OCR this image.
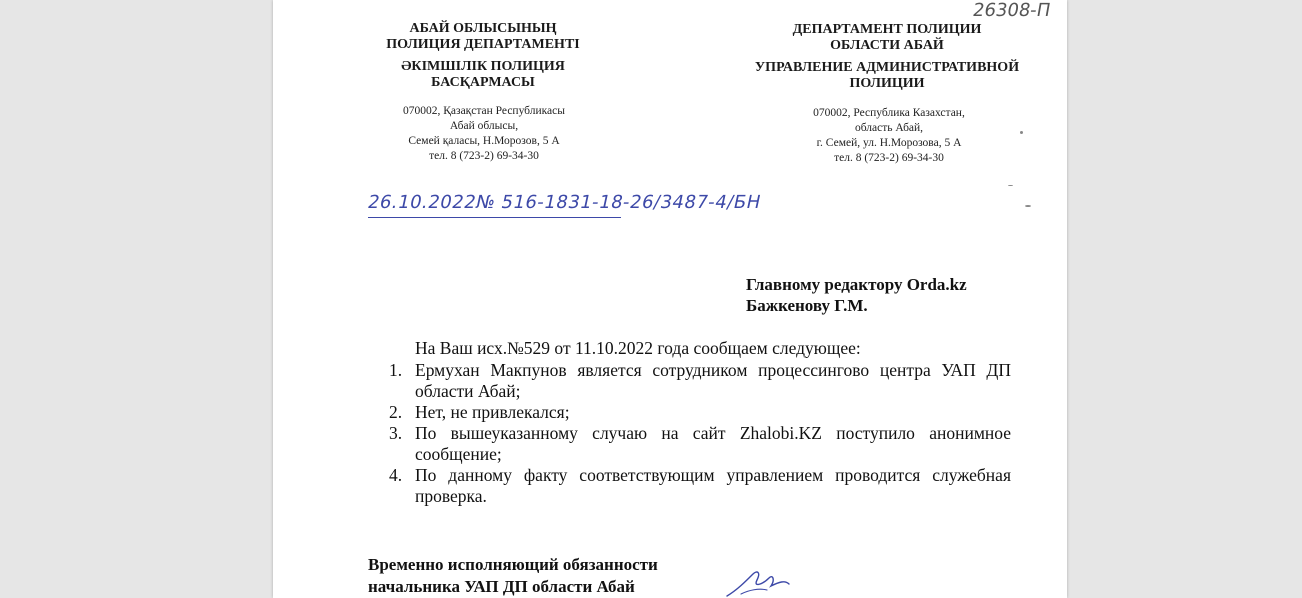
26308-П
АБАЙ ОБЛЫСЫНЫҢ
ПОЛИЦИЯ ДЕПАРТАМЕНТІ
ӘКІМШІЛІК ПОЛИЦИЯ
БАСҚАРМАСЫ
ДЕПАРТАМЕНТ ПОЛИЦИИ
ОБЛАСТИ АБАЙ
УПРАВЛЕНИЕ АДМИНИСТРАТИВНОЙ
ПОЛИЦИИ
070002, Қазақстан Республикасы
Абай облысы,
Семей қаласы, Н.Морозов, 5 А
тел. 8 (723-2) 69-34-30
070002, Республика Казахстан,
область Абай,
г. Семей, ул. Н.Морозова, 5 А
тел. 8 (723-2) 69-34-30
26.10.2022№ 516-1831-18-26/3487-4/БН
Главному редактору Orda.kz
Бажкенову Г.М.
На Ваш исх.№529 от 11.10.2022 года сообщаем следующее:
1. Ермухан Макпунов является сотрудником процессингово центра УАП ДП области Абай;
2. Нет, не привлекался;
3. По вышеуказанному случаю на сайт Zhalobi.KZ поступило анонимное сообщение;
4. По данному факту соответствующим управлением проводится служебная проверка.
Временно исполняющий обязанности
начальника УАП ДП области Абай
